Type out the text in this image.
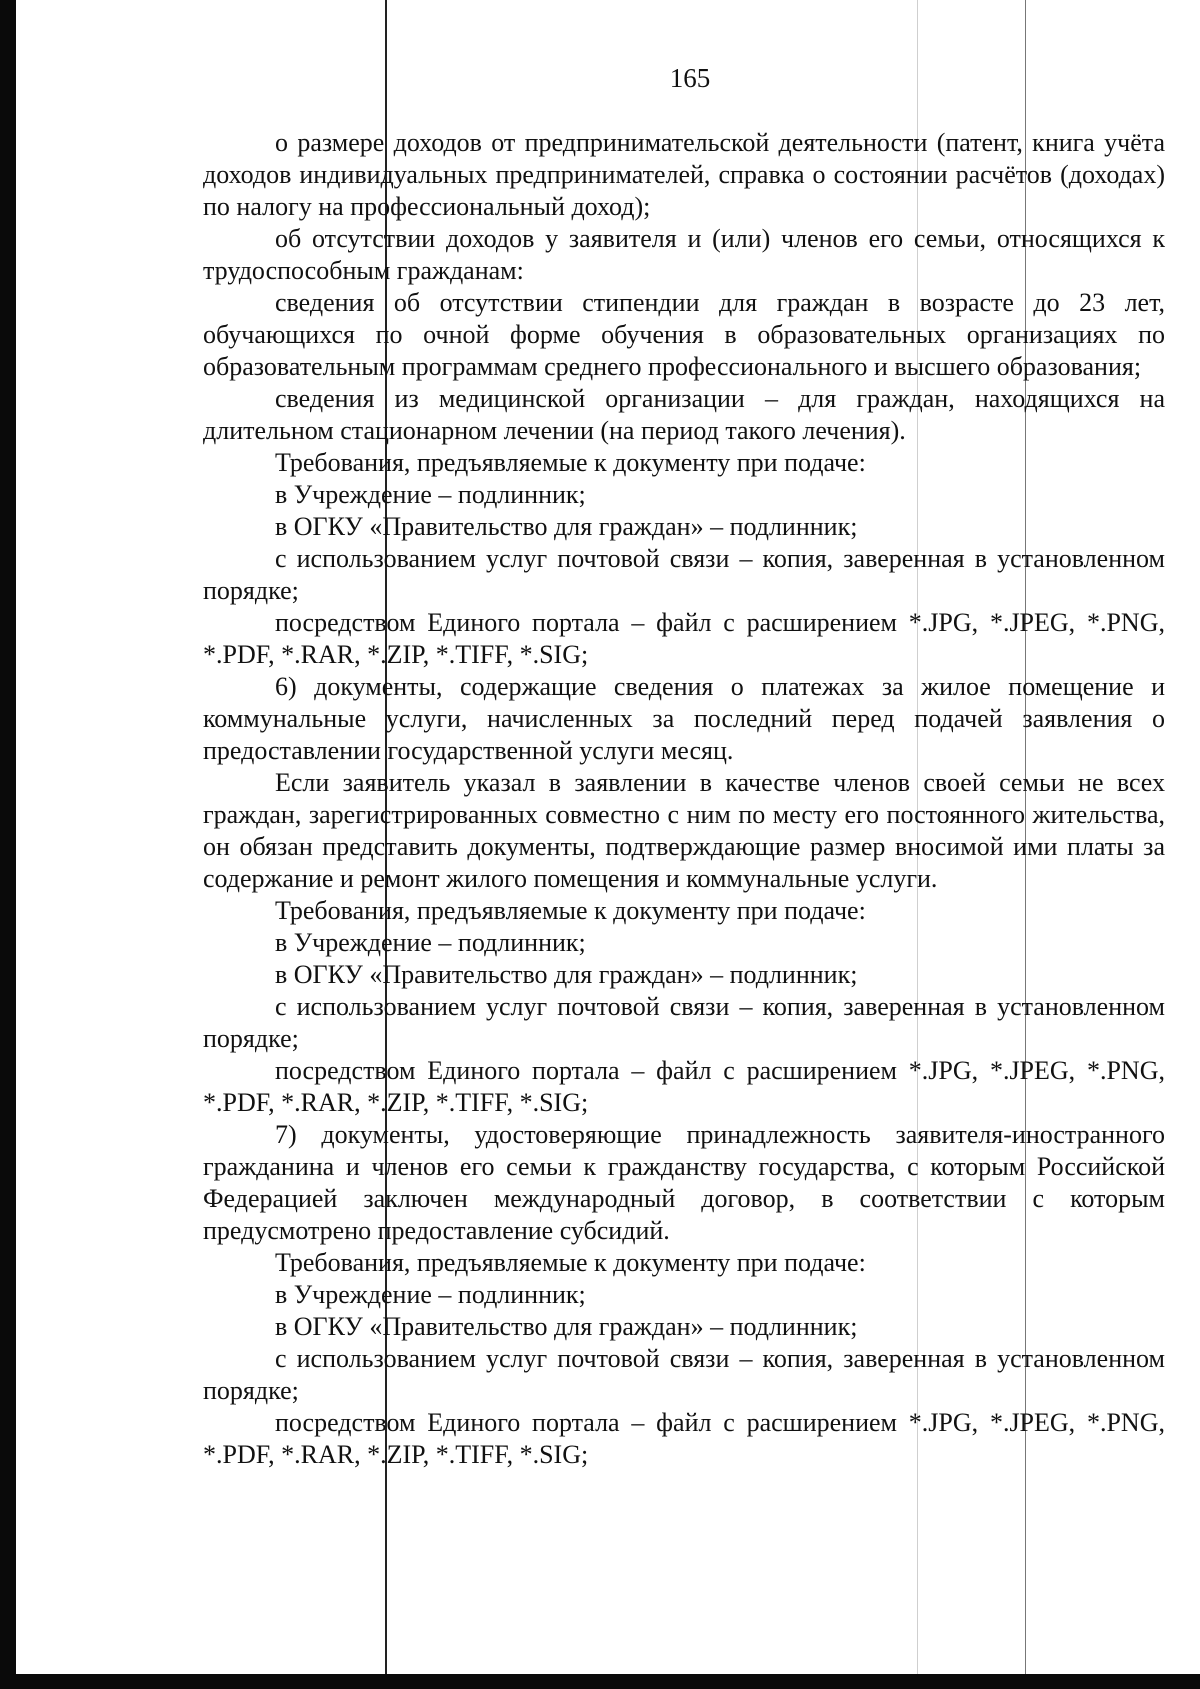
165

о размере доходов от предпринимательской деятельности (патент, книга учёта доходов индивидуальных предпринимателей, справка о состоянии расчётов (доходах) по налогу на профессиональный доход);

об отсутствии доходов у заявителя и (или) членов его семьи, относящихся к трудоспособным гражданам:

сведения об отсутствии стипендии для граждан в возрасте до 23 лет, обучающихся по очной форме обучения в образовательных организациях по образовательным программам среднего профессионального и высшего образования;

сведения из медицинской организации – для граждан, находящихся на длительном стационарном лечении (на период такого лечения).

Требования, предъявляемые к документу при подаче:

в Учреждение – подлинник;

в ОГКУ «Правительство для граждан» – подлинник;

с использованием услуг почтовой связи – копия, заверенная в установленном порядке;

посредством Единого портала – файл с расширением *.JPG, *.JPEG, *.PNG, *.PDF, *.RAR, *.ZIP, *.TIFF, *.SIG;

6) документы, содержащие сведения о платежах за жилое помещение и коммунальные услуги, начисленных за последний перед подачей заявления о предоставлении государственной услуги месяц.

Если заявитель указал в заявлении в качестве членов своей семьи не всех граждан, зарегистрированных совместно с ним по месту его постоянного жительства, он обязан представить документы, подтверждающие размер вносимой ими платы за содержание и ремонт жилого помещения и коммунальные услуги.

Требования, предъявляемые к документу при подаче:

в Учреждение – подлинник;

в ОГКУ «Правительство для граждан» – подлинник;

с использованием услуг почтовой связи – копия, заверенная в установленном порядке;

посредством Единого портала – файл с расширением *.JPG, *.JPEG, *.PNG, *.PDF, *.RAR, *.ZIP, *.TIFF, *.SIG;

7) документы, удостоверяющие принадлежность заявителя-иностранного гражданина и членов его семьи к гражданству государства, с которым Российской Федерацией заключен международный договор, в соответствии с которым предусмотрено предоставление субсидий.

Требования, предъявляемые к документу при подаче:

в Учреждение – подлинник;

в ОГКУ «Правительство для граждан» – подлинник;

с использованием услуг почтовой связи – копия, заверенная в установленном порядке;

посредством Единого портала – файл с расширением *.JPG, *.JPEG, *.PNG, *.PDF, *.RAR, *.ZIP, *.TIFF, *.SIG;
